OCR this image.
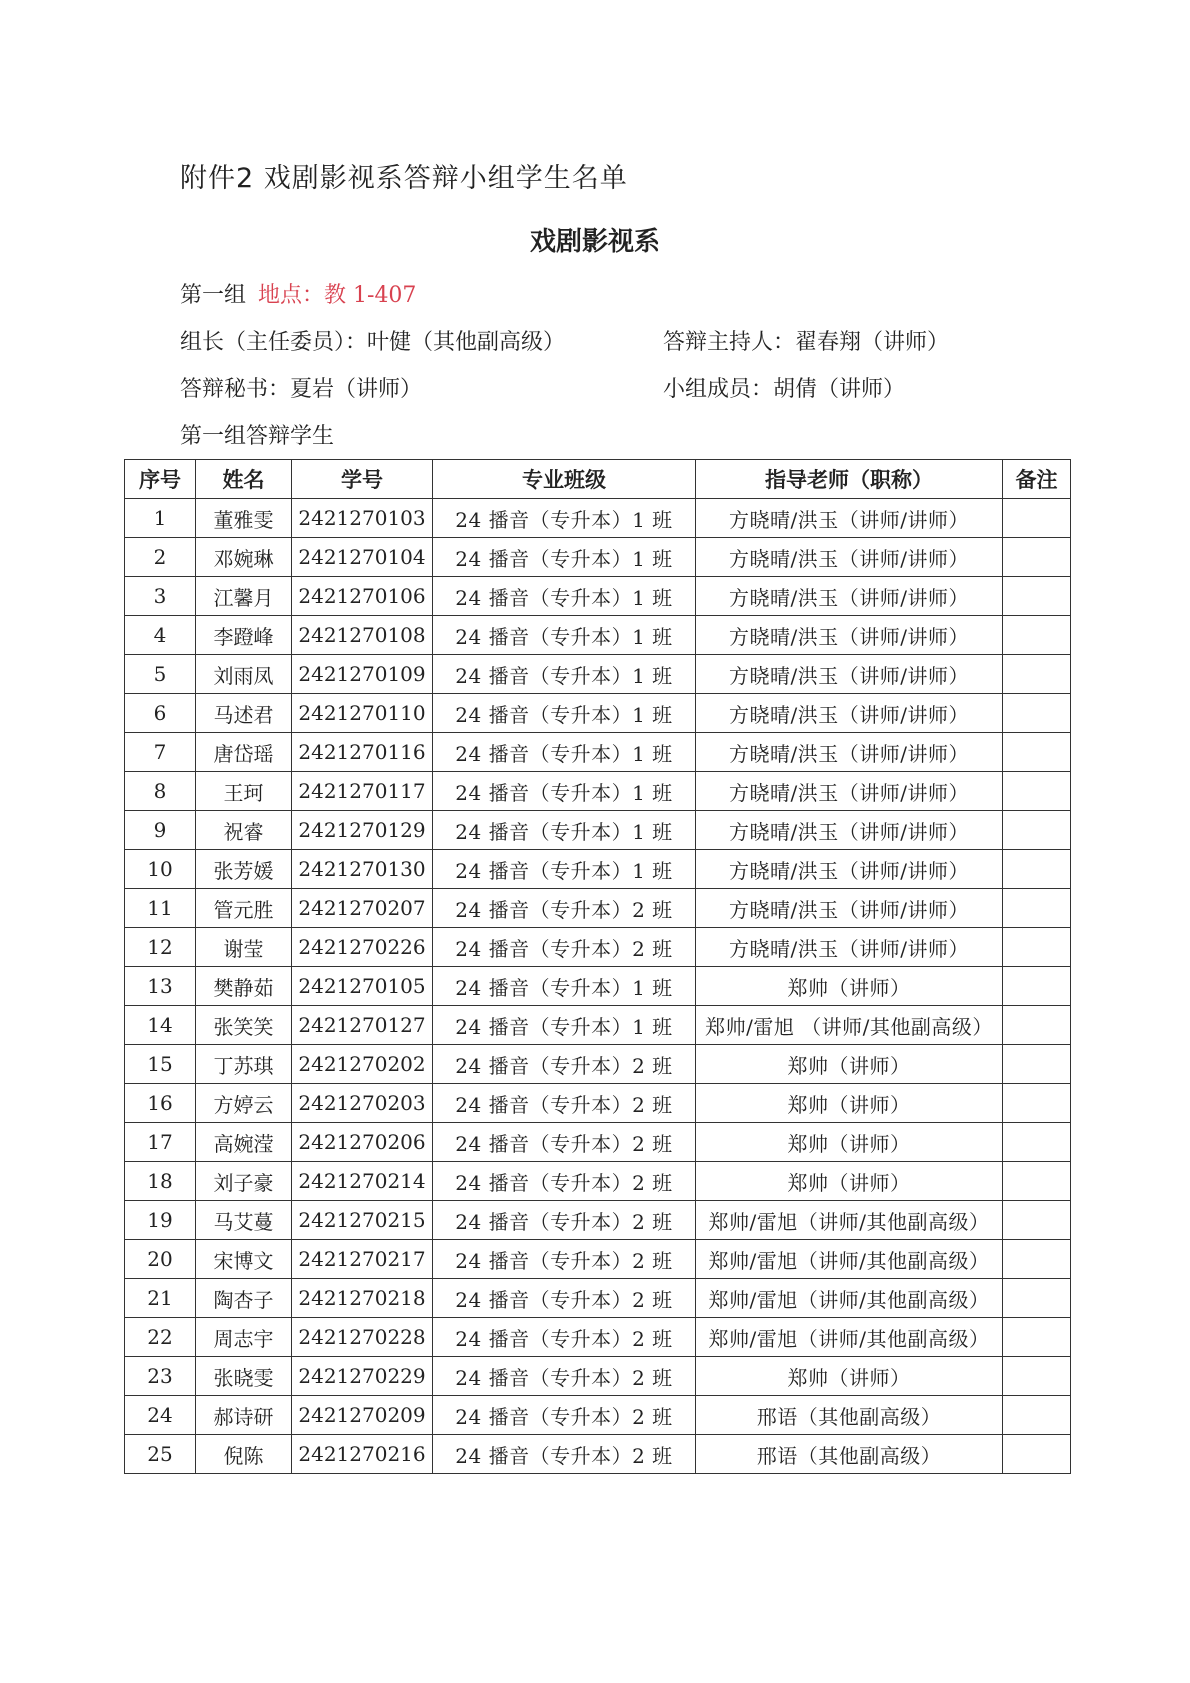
附件2 戏剧影视系答辩小组学生名单
戏剧影视系
第一组 地点：教 1-407
组长（主任委员）：叶健（其他副高级）	答辩主持人：翟春翔（讲师）
答辩秘书：夏岩（讲师）	小组成员：胡倩（讲师）
第一组答辩学生
序号	姓名	学号	专业班级	指导老师（职称）	备注
1	董雅雯	2421270103	24 播音（专升本）1 班	方晓晴/洪玉（讲师/讲师）	
2	邓婉琳	2421270104	24 播音（专升本）1 班	方晓晴/洪玉（讲师/讲师）	
3	江馨月	2421270106	24 播音（专升本）1 班	方晓晴/洪玉（讲师/讲师）	
4	李蹬峰	2421270108	24 播音（专升本）1 班	方晓晴/洪玉（讲师/讲师）	
5	刘雨凤	2421270109	24 播音（专升本）1 班	方晓晴/洪玉（讲师/讲师）	
6	马述君	2421270110	24 播音（专升本）1 班	方晓晴/洪玉（讲师/讲师）	
7	唐岱瑶	2421270116	24 播音（专升本）1 班	方晓晴/洪玉（讲师/讲师）	
8	王珂	2421270117	24 播音（专升本）1 班	方晓晴/洪玉（讲师/讲师）	
9	祝睿	2421270129	24 播音（专升本）1 班	方晓晴/洪玉（讲师/讲师）	
10	张芳媛	2421270130	24 播音（专升本）1 班	方晓晴/洪玉（讲师/讲师）	
11	管元胜	2421270207	24 播音（专升本）2 班	方晓晴/洪玉（讲师/讲师）	
12	谢莹	2421270226	24 播音（专升本）2 班	方晓晴/洪玉（讲师/讲师）	
13	樊静茹	2421270105	24 播音（专升本）1 班	郑帅（讲师）	
14	张笑笑	2421270127	24 播音（专升本）1 班	郑帅/雷旭 （讲师/其他副高级）	
15	丁苏琪	2421270202	24 播音（专升本）2 班	郑帅（讲师）	
16	方婷云	2421270203	24 播音（专升本）2 班	郑帅（讲师）	
17	高婉滢	2421270206	24 播音（专升本）2 班	郑帅（讲师）	
18	刘子豪	2421270214	24 播音（专升本）2 班	郑帅（讲师）	
19	马艾蔓	2421270215	24 播音（专升本）2 班	郑帅/雷旭（讲师/其他副高级）	
20	宋博文	2421270217	24 播音（专升本）2 班	郑帅/雷旭（讲师/其他副高级）	
21	陶杏子	2421270218	24 播音（专升本）2 班	郑帅/雷旭（讲师/其他副高级）	
22	周志宇	2421270228	24 播音（专升本）2 班	郑帅/雷旭（讲师/其他副高级）	
23	张晓雯	2421270229	24 播音（专升本）2 班	郑帅（讲师）	
24	郝诗研	2421270209	24 播音（专升本）2 班	邢语（其他副高级）	
25	倪陈	2421270216	24 播音（专升本）2 班	邢语（其他副高级）	
